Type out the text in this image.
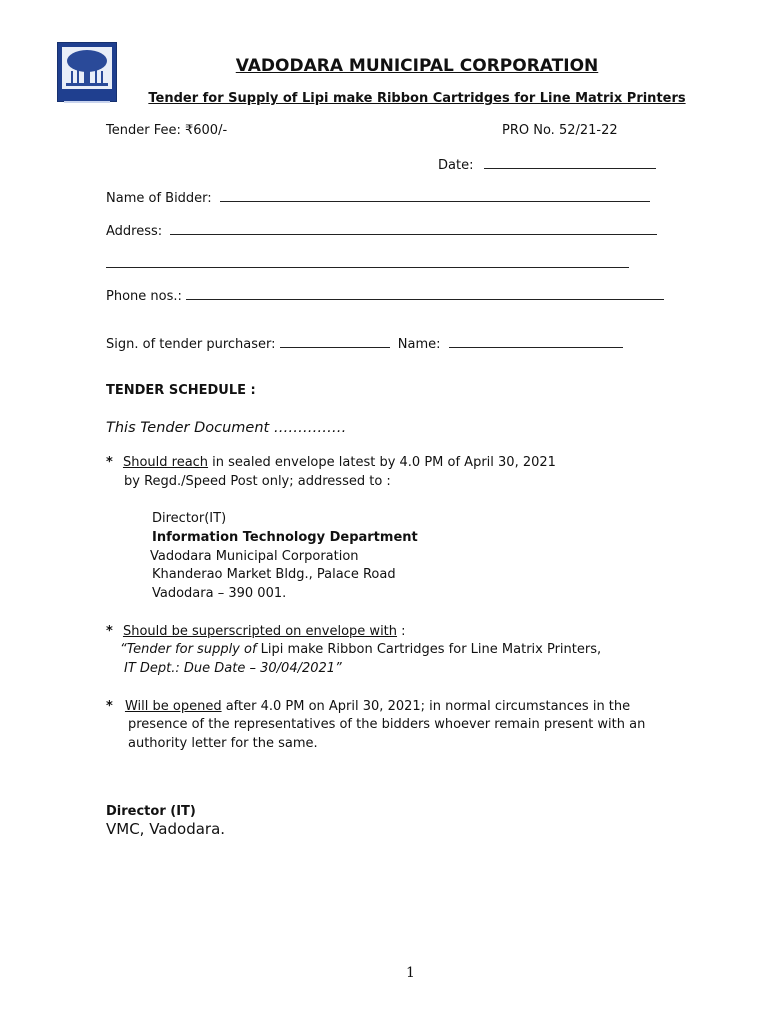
VADODARA MUNICIPAL CORPORATION
Tender for Supply of Lipi make Ribbon Cartridges for Line Matrix Printers
Tender Fee: ₹600/-	PRO No. 52/21-22
Date:
Name of Bidder:
Address:
Phone nos.:
Sign. of tender purchaser:	Name:
TENDER SCHEDULE :
This Tender Document ……………
* Should reach in sealed envelope latest by 4.0 PM of April 30, 2021
by Regd./Speed Post only; addressed to :
Director(IT)
Information Technology Department
Vadodara Municipal Corporation
Khanderao Market Bldg., Palace Road
Vadodara – 390 001.
* Should be superscripted on envelope with :
“Tender for supply of Lipi make Ribbon Cartridges for Line Matrix Printers,
IT Dept.: Due Date – 30/04/2021”
* Will be opened after 4.0 PM on April 30, 2021; in normal circumstances in the
presence of the representatives of the bidders whoever remain present with an
authority letter for the same.
Director (IT)
VMC, Vadodara.
1
